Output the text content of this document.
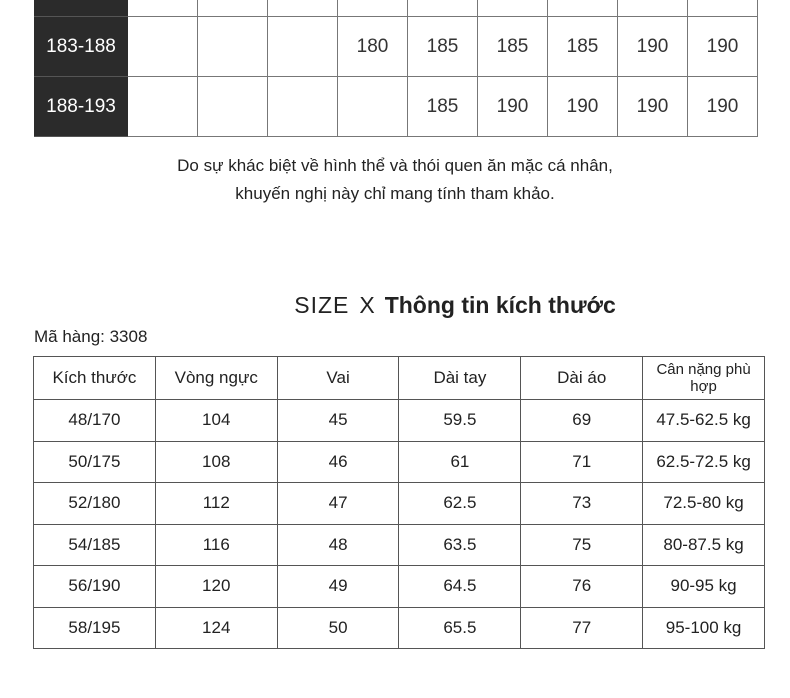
183-188				180	185	185	185	190	190
188-193					185	190	190	190	190
Do sự khác biệt về hình thể và thói quen ăn mặc cá nhân,
khuyến nghị này chỉ mang tính tham khảo.
SIZE X Thông tin kích thước
Mã hàng: 3308
Kích thước	Vòng ngực	Vai	Dài tay	Dài áo	Cân nặng phù hợp
48/170	104	45	59.5	69	47.5-62.5 kg
50/175	108	46	61	71	62.5-72.5 kg
52/180	112	47	62.5	73	72.5-80 kg
54/185	116	48	63.5	75	80-87.5 kg
56/190	120	49	64.5	76	90-95 kg
58/195	124	50	65.5	77	95-100 kg
